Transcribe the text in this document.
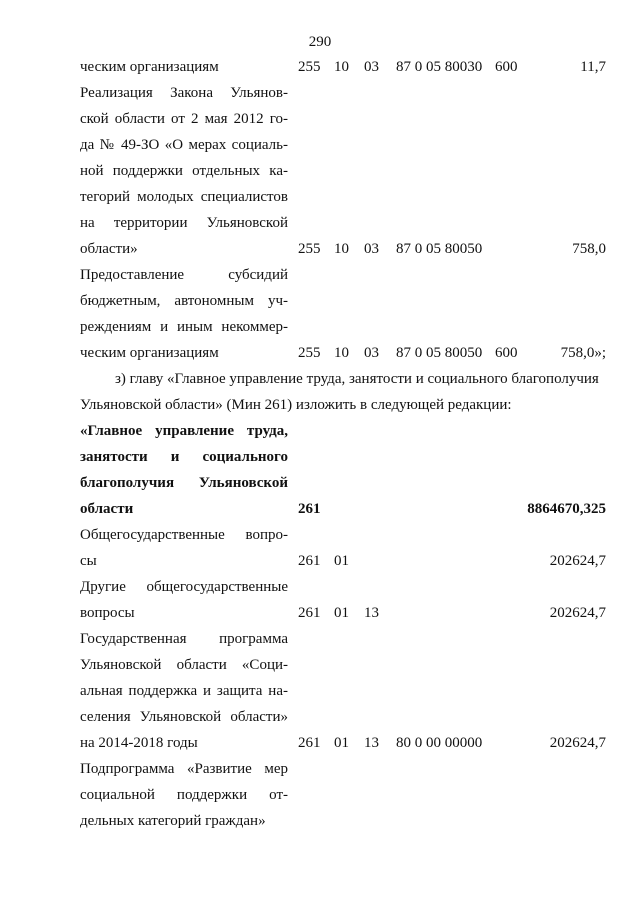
290
ческим организациям	255 10 03 87 0 05 80030 600	11,7
Реализация Закона Ульянов-
ской области от 2 мая 2012 го-
да № 49-ЗО «О мерах социаль-
ной поддержки отдельных ка-
тегорий молодых специалистов
на территории Ульяновской
области»	255 10 03 87 0 05 80050	758,0
Предоставление субсидий
бюджетным, автономным уч-
реждениям и иным некоммер-
ческим организациям	255 10 03 87 0 05 80050 600	758,0»;
з) главу «Главное управление труда, занятости и социального благополучия
Ульяновской области» (Мин 261) изложить в следующей редакции:
«Главное управление труда,
занятости и социального
благополучия Ульяновской
области	261	8864670,325
Общегосударственные вопро-
сы	261 01	202624,7
Другие общегосударственные
вопросы	261 01 13	202624,7
Государственная программа
Ульяновской области «Соци-
альная поддержка и защита на-
селения Ульяновской области»
на 2014-2018 годы	261 01 13 80 0 00 00000	202624,7
Подпрограмма «Развитие мер
социальной поддержки от-
дельных категорий граждан»
